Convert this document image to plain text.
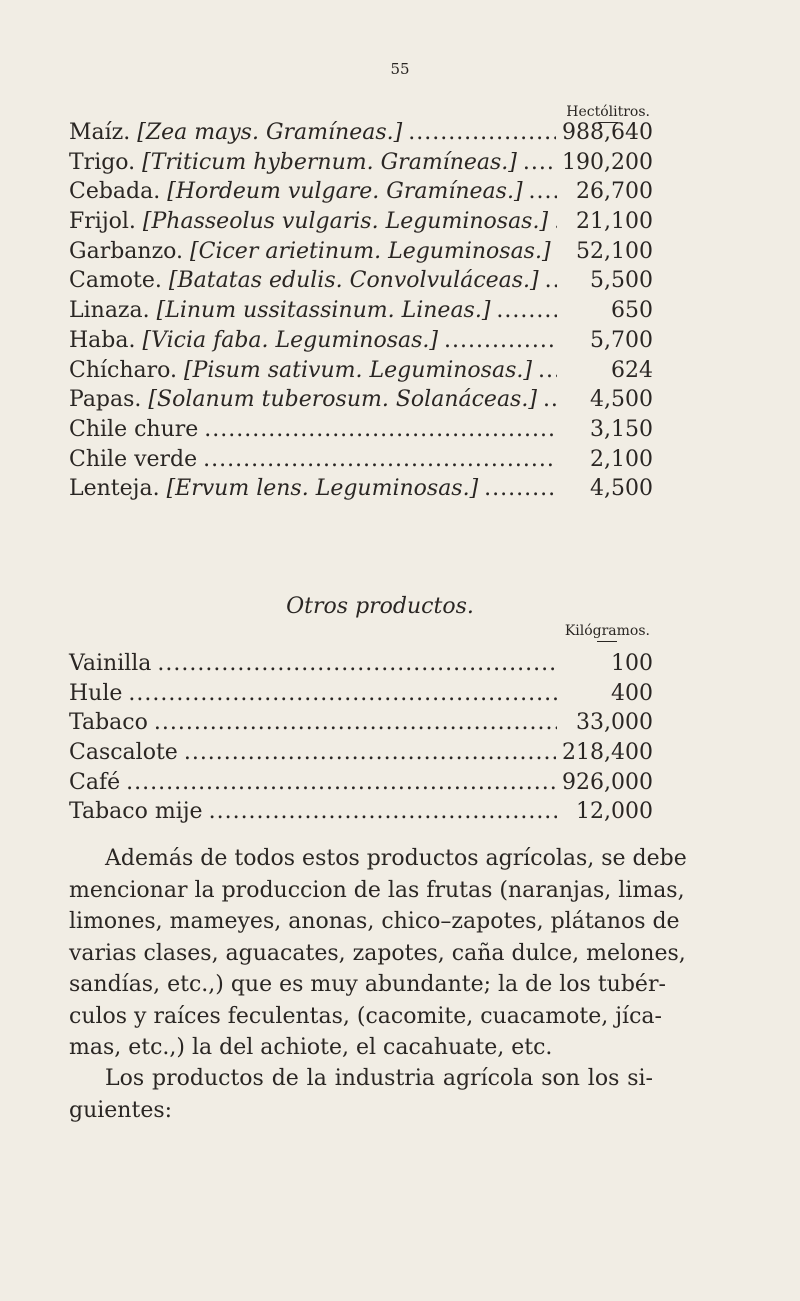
55
Hectólitros.
Maíz. [Zea mays. Gramíneas.] .....	988,640
Trigo. [Triticum hybernum. Gramíneas.] ..... 190,200
Cebada. [Hordeum vulgare. Gramíneas.] .....	26,700
Frijol. [Phasseolus vulgaris. Leguminosas.] .....	21,100
Garbanzo. [Cicer arietinum. Leguminosas.] .....	52,100
Camote. [Batatas edulis. Convolvuláceas.] .....	5,500
Linaza. [Linum ussitassinum. Lineas.] .....	650
Haba. [Vicia faba. Leguminosas.] .....	5,700
Chícharo. [Pisum sativum. Leguminosas.] .....	624
Papas. [Solanum tuberosum. Solanáceas.] .....	4,500
Chile chure .....	3,150
Chile verde .....	2,100
Lenteja. [Ervum lens. Leguminosas.] .....	4,500
Otros productos.
Kilógramos.
Vainilla .....	100
Hule .....	400
Tabaco .....	33,000
Cascalote .....	218,400
Café .....	926,000
Tabaco mije .....	12,000
Además de todos estos productos agrícolas, se debe
mencionar la produccion de las frutas (naranjas, limas,
limones, mameyes, anonas, chico–zapotes, plátanos de
varias clases, aguacates, zapotes, caña dulce, melones,
sandías, etc.,) que es muy abundante; la de los tubér-
culos y raíces feculentas, (cacomite, cuacamote, jíca-
mas, etc.,) la del achiote, el cacahuate, etc.
Los productos de la industria agrícola son los si-
guientes:
